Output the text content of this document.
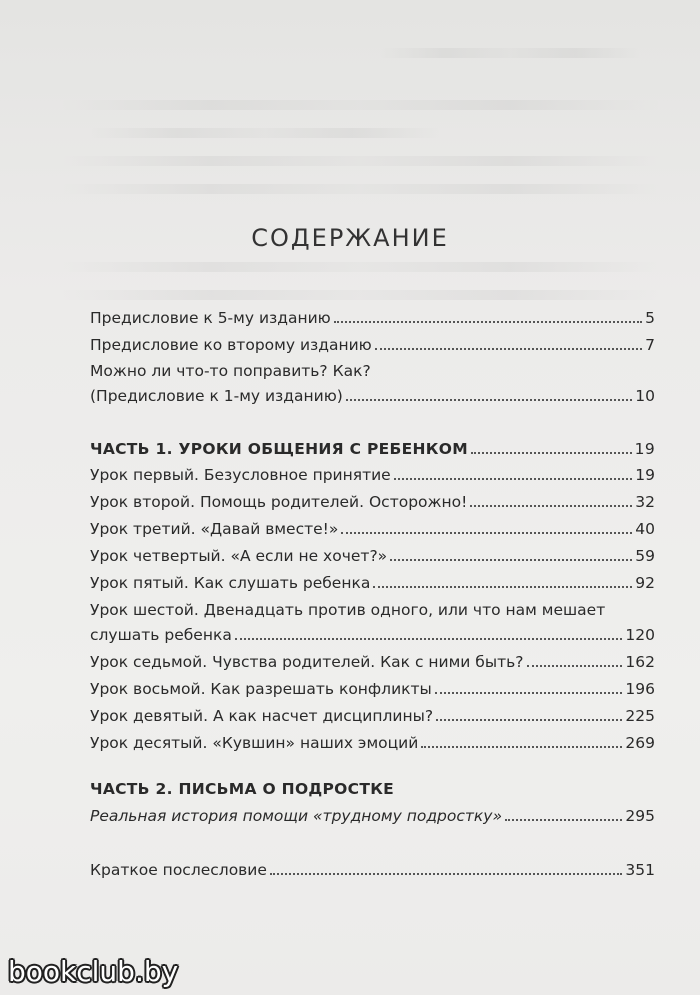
СОДЕРЖАНИЕ
Предисловие к 5-му изданию	5
Предисловие ко второму изданию	7
Можно ли что-то поправить? Как?
(Предисловие к 1-му изданию)	10
ЧАСТЬ 1. УРОКИ ОБЩЕНИЯ С РЕБЕНКОМ	19
Урок первый. Безусловное принятие	19
Урок второй. Помощь родителей. Осторожно!	32
Урок третий. «Давай вместе!»	40
Урок четвертый. «А если не хочет?»	59
Урок пятый. Как слушать ребенка	92
Урок шестой. Двенадцать против одного, или что нам мешает
слушать ребенка	120
Урок седьмой. Чувства родителей. Как с ними быть?	162
Урок восьмой. Как разрешать конфликты	196
Урок девятый. А как насчет дисциплины?	225
Урок десятый. «Кувшин» наших эмоций	269
ЧАСТЬ 2. ПИСЬМА О ПОДРОСТКЕ
Реальная история помощи «трудному подростку»	295
Краткое послесловие	351
bookclub.by
